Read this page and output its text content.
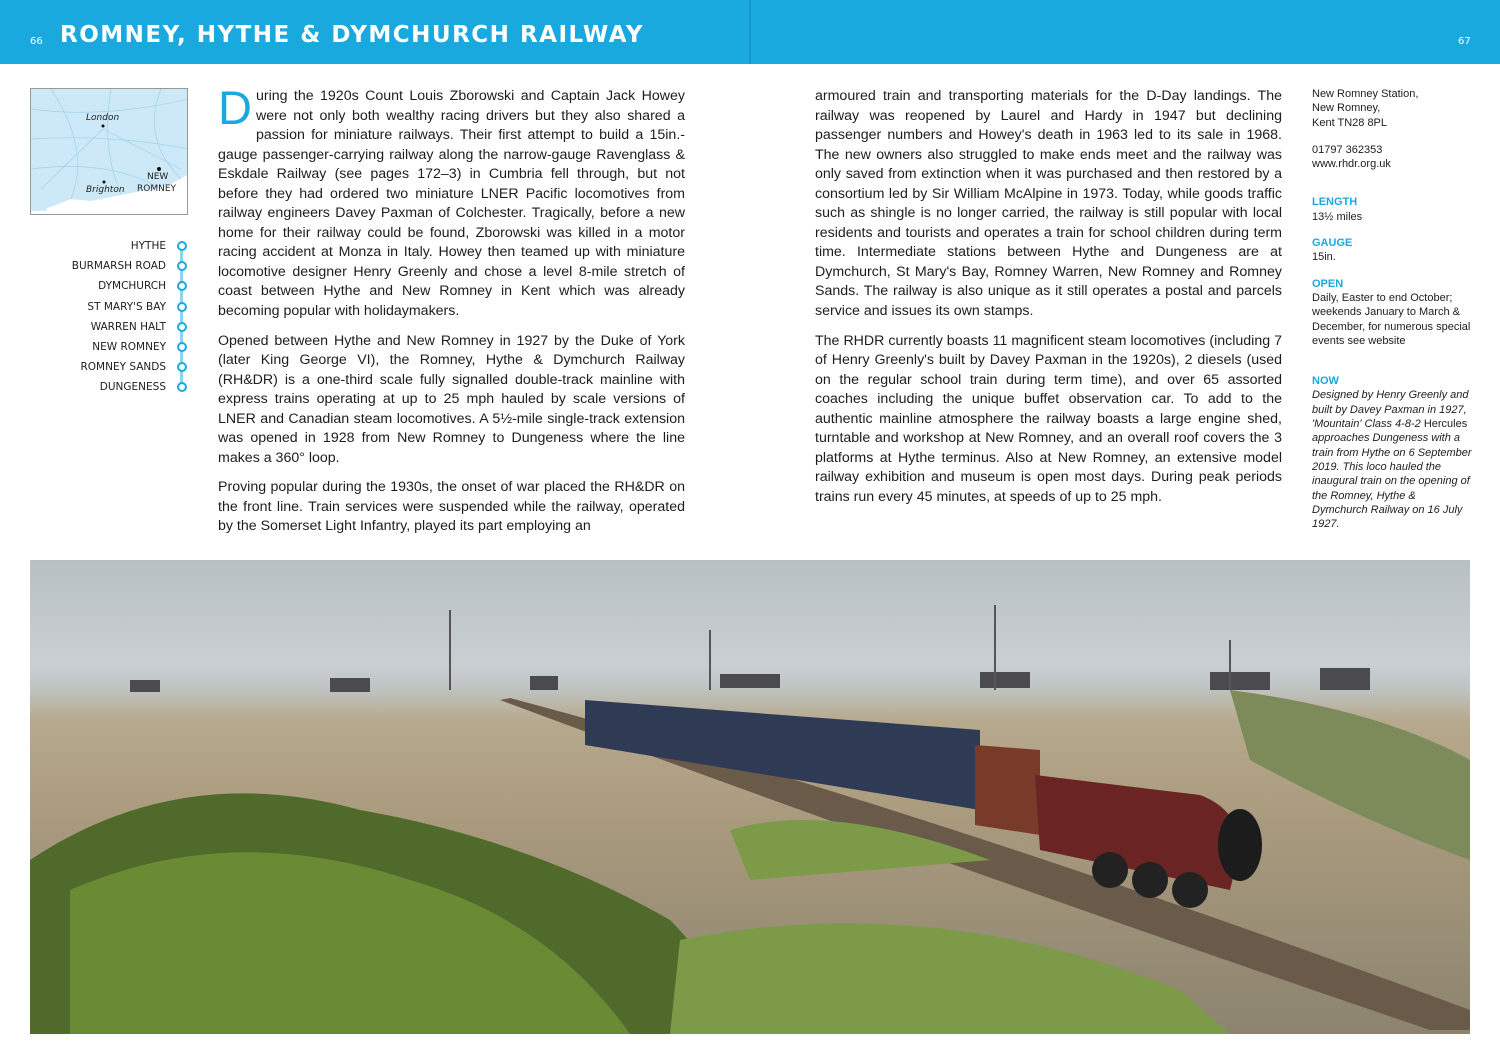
66 ROMNEY, HYTHE & DYMCHURCH RAILWAY	67
London
Brighton
NEW
ROMNEY
HYTHE
BURMARSH ROAD
DYMCHURCH
ST MARY'S BAY
WARREN HALT
NEW ROMNEY
ROMNEY SANDS
DUNGENESS

During the 1920s Count Louis Zborowski and Captain Jack Howey were not only both wealthy racing drivers but they also shared a passion for miniature railways. Their first attempt to build a 15in.-gauge passenger-carrying railway along the narrow-gauge Ravenglass & Eskdale Railway (see pages 172–3) in Cumbria fell through, but not before they had ordered two miniature LNER Pacific locomotives from railway engineers Davey Paxman of Colchester. Tragically, before a new home for their railway could be found, Zborowski was killed in a motor racing accident at Monza in Italy. Howey then teamed up with miniature locomotive designer Henry Greenly and chose a level 8-mile stretch of coast between Hythe and New Romney in Kent which was already becoming popular with holidaymakers.

Opened between Hythe and New Romney in 1927 by the Duke of York (later King George VI), the Romney, Hythe & Dymchurch Railway (RH&DR) is a one-third scale fully signalled double-track mainline with express trains operating at up to 25 mph hauled by scale versions of LNER and Canadian steam locomotives. A 5½-mile single-track extension was opened in 1928 from New Romney to Dungeness where the line makes a 360° loop.

Proving popular during the 1930s, the onset of war placed the RH&DR on the front line. Train services were suspended while the railway, operated by the Somerset Light Infantry, played its part employing an

armoured train and transporting materials for the D-Day landings. The railway was reopened by Laurel and Hardy in 1947 but declining passenger numbers and Howey's death in 1963 led to its sale in 1968. The new owners also struggled to make ends meet and the railway was only saved from extinction when it was purchased and then restored by a consortium led by Sir William McAlpine in 1973. Today, while goods traffic such as shingle is no longer carried, the railway is still popular with local residents and tourists and operates a train for school children during term time. Intermediate stations between Hythe and Dungeness are at Dymchurch, St Mary's Bay, Romney Warren, New Romney and Romney Sands. The railway is also unique as it still operates a postal and parcels service and issues its own stamps.

The RHDR currently boasts 11 magnificent steam locomotives (including 7 of Henry Greenly's built by Davey Paxman in the 1920s), 2 diesels (used on the regular school train during term time), and over 65 assorted coaches including the unique buffet observation car. To add to the authentic mainline atmosphere the railway boasts a large engine shed, turntable and workshop at New Romney, and an overall roof covers the 3 platforms at Hythe terminus. Also at New Romney, an extensive model railway exhibition and museum is open most days. During peak periods trains run every 45 minutes, at speeds of up to 25 mph.

New Romney Station,
New Romney,
Kent TN28 8PL
01797 362353
www.rhdr.org.uk
LENGTH
13½ miles
GAUGE
15in.
OPEN
Daily, Easter to end October; weekends January to March & December, for numerous special events see website
NOW
Designed by Henry Greenly and built by Davey Paxman in 1927, 'Mountain' Class 4-8-2 Hercules approaches Dungeness with a train from Hythe on 6 September 2019. This loco hauled the inaugural train on the opening of the Romney, Hythe & Dymchurch Railway on 16 July 1927.
